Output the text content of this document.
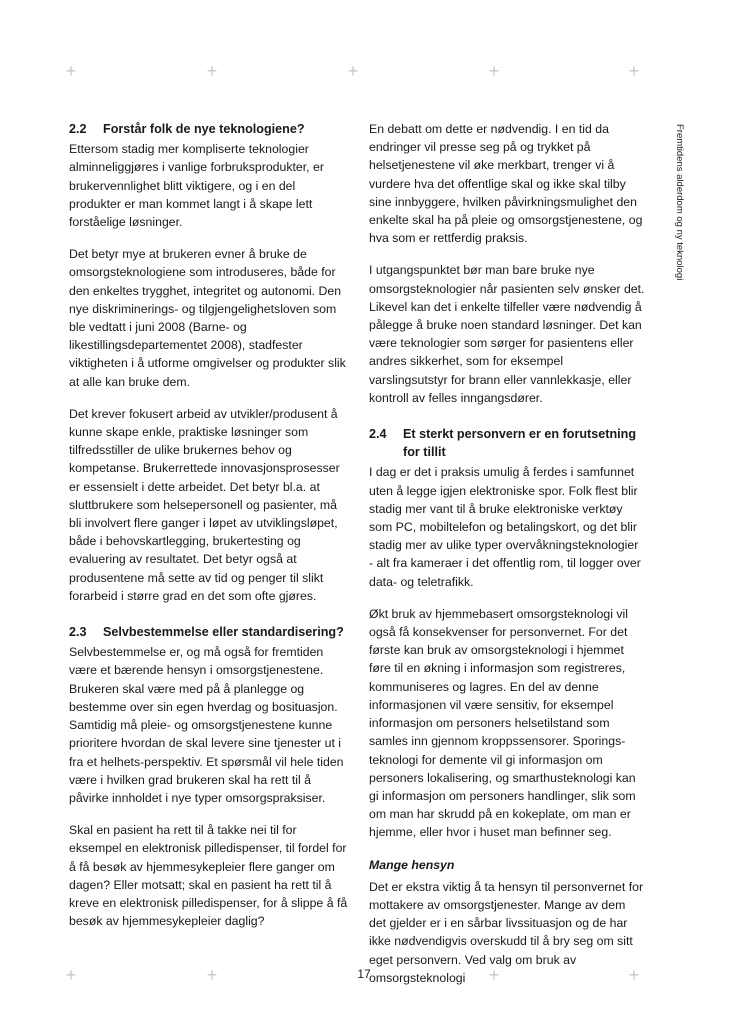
+	+	+	+	+
+	+	+	+
Fremtidens alderdom og ny teknologi
2.2	Forstår folk de nye teknologiene?

Ettersom stadig mer kompliserte teknologier alminneliggjøres i vanlige forbruksprodukter, er brukervennlighet blitt viktigere, og i en del produkter er man kommet langt i å skape lett forståelige løsninger.

Det betyr mye at brukeren evner å bruke de omsorgsteknologiene som introduseres, både for den enkeltes trygghet, integritet og autonomi. Den nye diskriminerings- og tilgjengelighetsloven som ble vedtatt i juni 2008 (Barne- og likestillingsdepartementet 2008), stadfester viktigheten i å utforme omgivelser og produkter slik at alle kan bruke dem.

Det krever fokusert arbeid av utvikler/produsent å kunne skape enkle, praktiske løsninger som tilfredsstiller de ulike brukernes behov og kompetanse. Brukerrettede innovasjonsprosesser er essensielt i dette arbeidet. Det betyr bl.a. at sluttbrukere som helsepersonell og pasienter, må bli involvert flere ganger i løpet av utviklingsløpet, både i behovskartlegging, brukertesting og evaluering av resultatet. Det betyr også at produsentene må sette av tid og penger til slikt forarbeid i større grad en det som ofte gjøres.

2.3	Selvbestemmelse eller standardisering?

Selvbestemmelse er, og må også for fremtiden være et bærende hensyn i omsorgstjenestene. Brukeren skal være med på å planlegge og bestemme over sin egen hverdag og bosituasjon. Samtidig må pleie- og omsorgstjenestene kunne prioritere hvordan de skal levere sine tjenester ut i fra et helhets-perspektiv. Et spørsmål vil hele tiden være i hvilken grad brukeren skal ha rett til å påvirke innholdet i nye typer omsorgspraksiser.

Skal en pasient ha rett til å takke nei til for eksempel en elektronisk pilledispenser, til fordel for å få besøk av hjemmesykepleier flere ganger om dagen? Eller motsatt; skal en pasient ha rett til å kreve en elektronisk pilledispenser, for å slippe å få besøk av hjemmesykepleier daglig?

En debatt om dette er nødvendig. I en tid da endringer vil presse seg på og trykket på helsetjenestene vil øke merkbart, trenger vi å vurdere hva det offentlige skal og ikke skal tilby sine innbyggere, hvilken påvirkningsmulighet den enkelte skal ha på pleie og omsorgstjenestene, og hva som er rettferdig praksis.

I utgangspunktet bør man bare bruke nye omsorgsteknologier når pasienten selv ønsker det. Likevel kan det i enkelte tilfeller være nødvendig å pålegge å bruke noen standard løsninger. Det kan være teknologier som sørger for pasientens eller andres sikkerhet, som for eksempel varslingsutstyr for brann eller vannlekkasje, eller kontroll av felles inngangsdører.

2.4	Et sterkt personvern er en forutsetning for tillit

I dag er det i praksis umulig å ferdes i samfunnet uten å legge igjen elektroniske spor. Folk flest blir stadig mer vant til å bruke elektroniske verktøy som PC, mobiltelefon og betalingskort, og det blir stadig mer av ulike typer overvåkningsteknologier - alt fra kameraer i det offentlig rom, til logger over data- og teletrafikk.

Økt bruk av hjemmebasert omsorgsteknologi vil også få konsekvenser for personvernet. For det første kan bruk av omsorgsteknologi i hjemmet føre til en økning i informasjon som registreres, kommuniseres og lagres. En del av denne informasjonen vil være sensitiv, for eksempel informasjon om personers helsetilstand som samles inn gjennom kroppssensorer. Sporings-teknologi for demente vil gi informasjon om personers lokalisering, og smarthusteknologi kan gi informasjon om personers handlinger, slik som om man har skrudd på en kokeplate, om man er hjemme, eller hvor i huset man befinner seg.

Mange hensyn

Det er ekstra viktig å ta hensyn til personvernet for mottakere av omsorgstjenester. Mange av dem det gjelder er i en sårbar livssituasjon og de har ikke nødvendigvis overskudd til å bry seg om sitt eget personvern. Ved valg om bruk av omsorgsteknologi

17
